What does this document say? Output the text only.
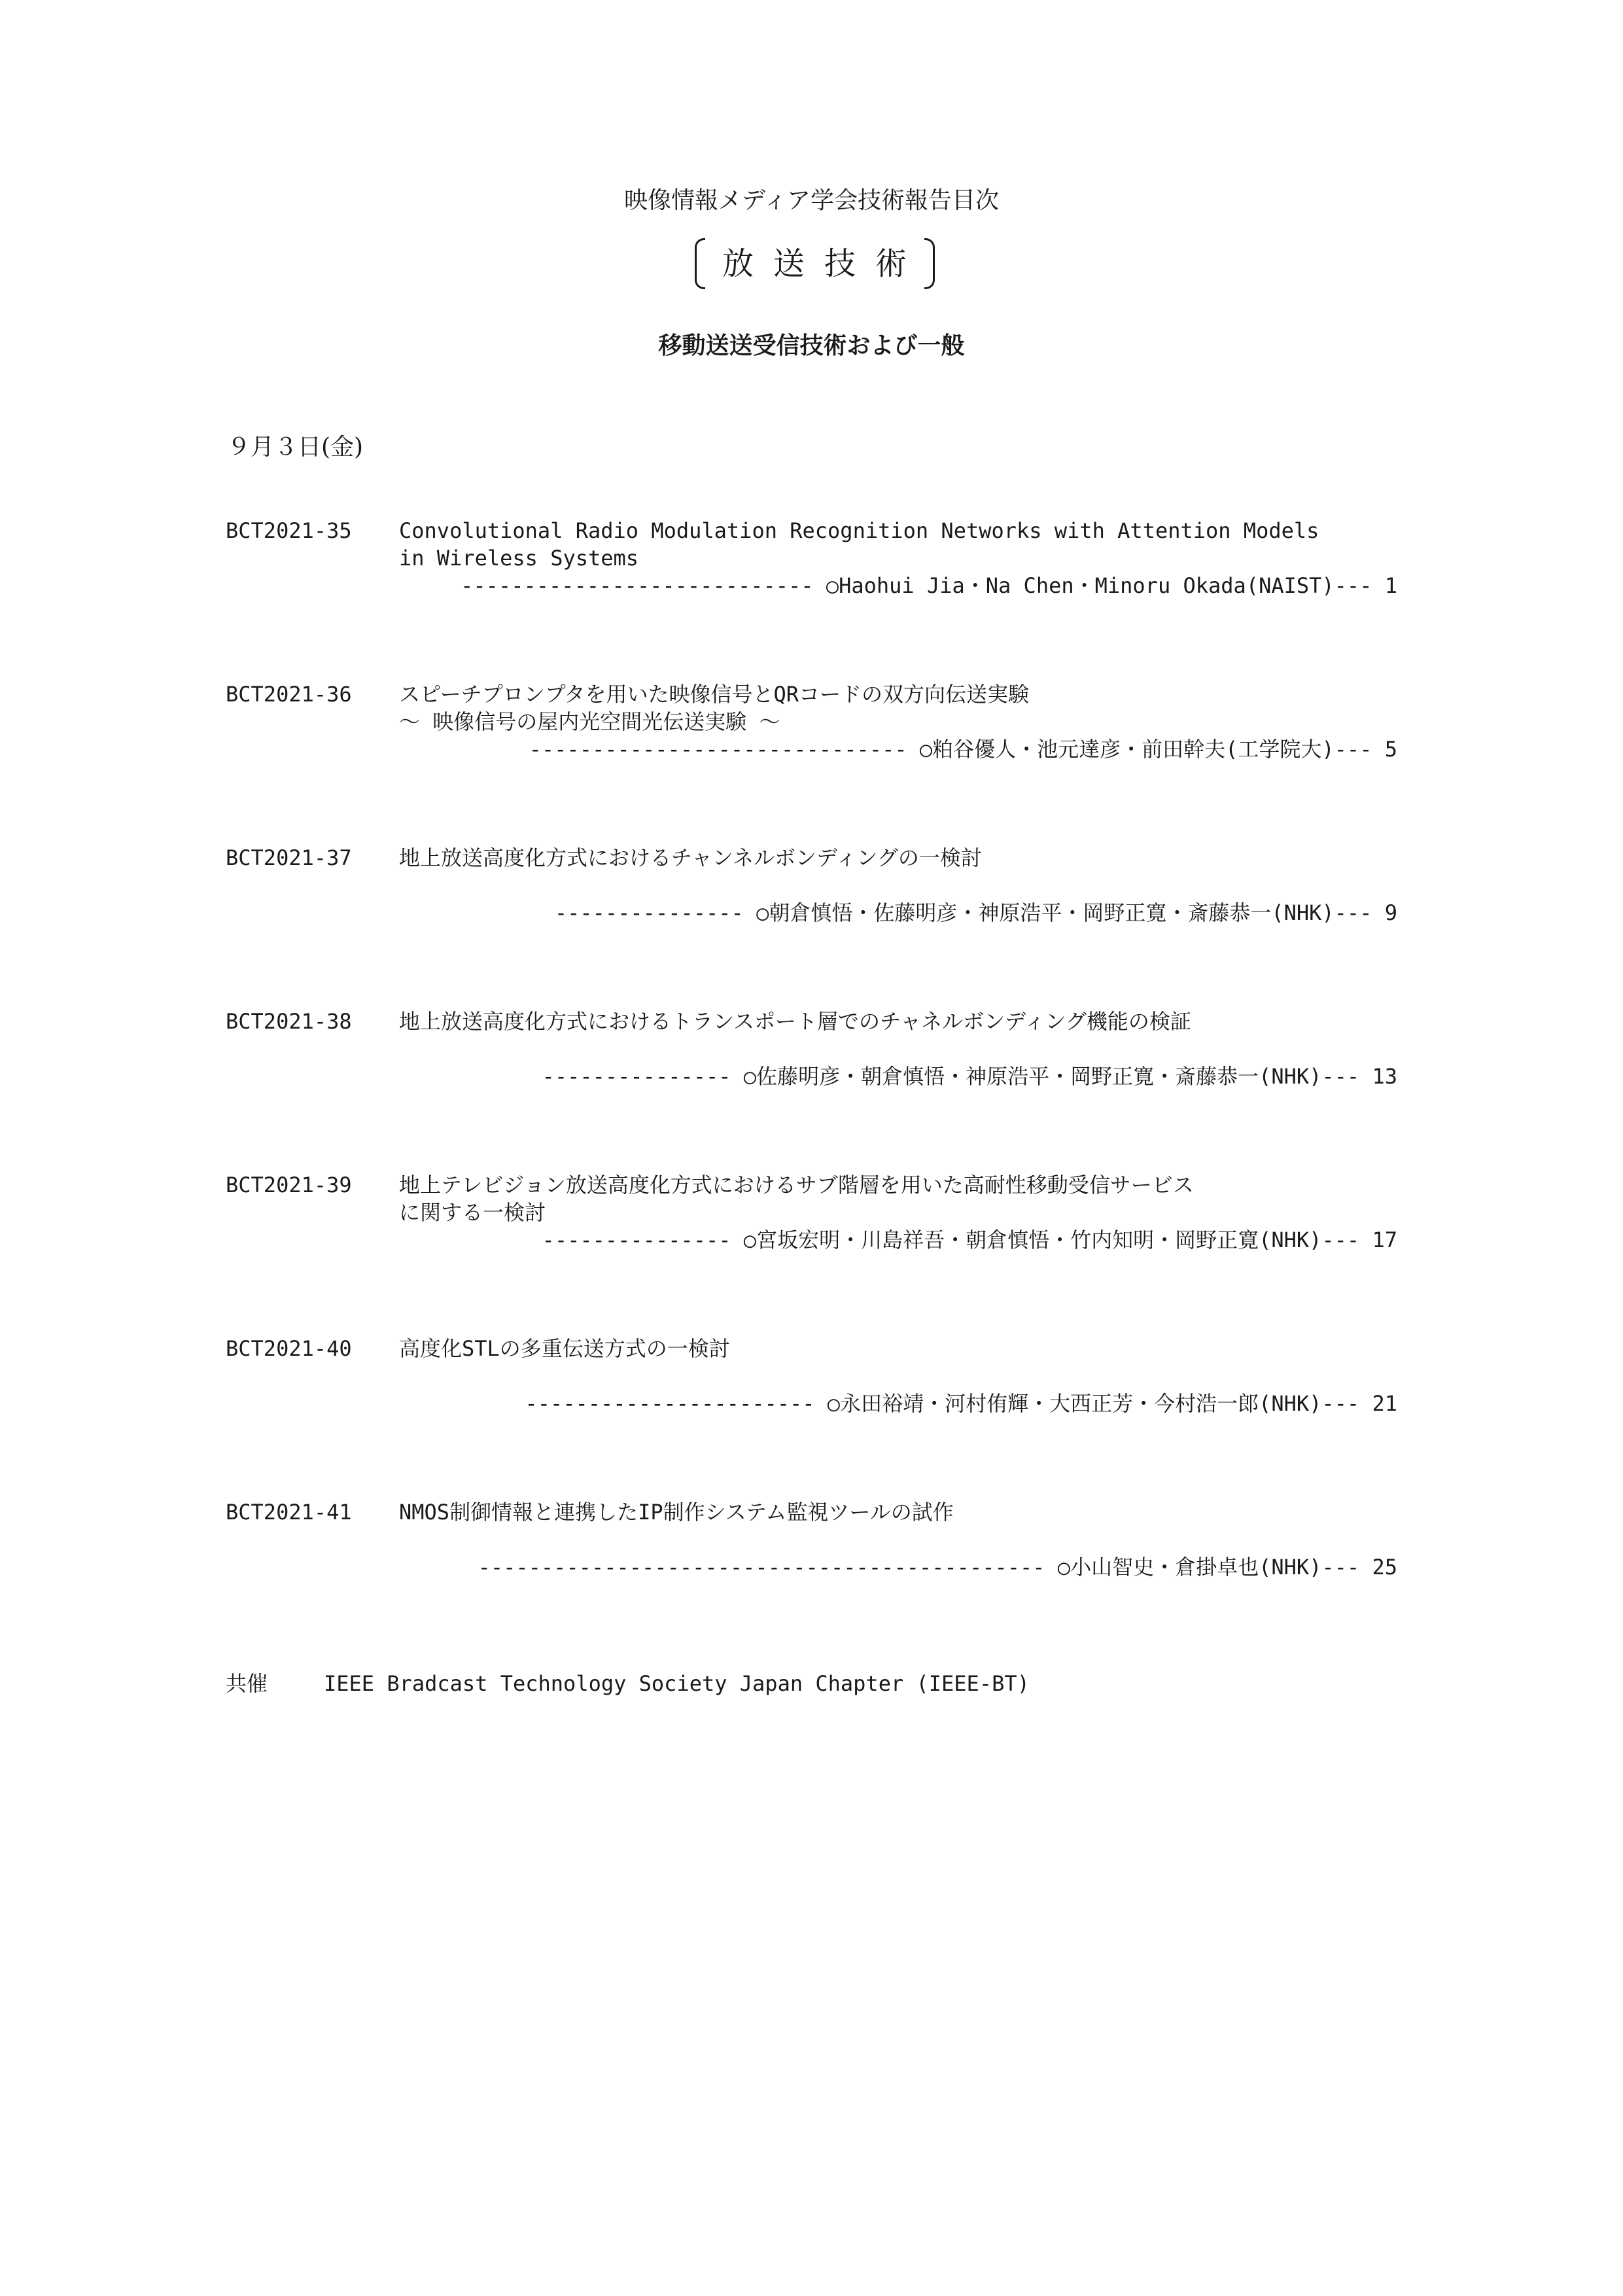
映像情報メディア学会技術報告目次
放送技術
移動送送受信技術および一般
９月３日(金)
BCT2021-35 Convolutional Radio Modulation Recognition Networks with Attention Models
in Wireless Systems
---------------------------- ○Haohui Jia・Na Chen・Minoru Okada(NAIST)--- 1
BCT2021-36 スピーチプロンプタを用いた映像信号とQRコードの双方向伝送実験
～ 映像信号の屋内光空間光伝送実験 ～
------------------------------ ○粕谷優人・池元達彦・前田幹夫(工学院大)--- 5
BCT2021-37 地上放送高度化方式におけるチャンネルボンディングの一検討
--------------- ○朝倉慎悟・佐藤明彦・神原浩平・岡野正寛・斎藤恭一(NHK)--- 9
BCT2021-38 地上放送高度化方式におけるトランスポート層でのチャネルボンディング機能の検証
--------------- ○佐藤明彦・朝倉慎悟・神原浩平・岡野正寛・斎藤恭一(NHK)--- 13
BCT2021-39 地上テレビジョン放送高度化方式におけるサブ階層を用いた高耐性移動受信サービス
に関する一検討
--------------- ○宮坂宏明・川島祥吾・朝倉慎悟・竹内知明・岡野正寛(NHK)--- 17
BCT2021-40 高度化STLの多重伝送方式の一検討
----------------------- ○永田裕靖・河村侑輝・大西正芳・今村浩一郎(NHK)--- 21
BCT2021-41 NMOS制御情報と連携したIP制作システム監視ツールの試作
--------------------------------------------- ○小山智史・倉掛卓也(NHK)--- 25
共催	IEEE Bradcast Technology Society Japan Chapter (IEEE-BT)
